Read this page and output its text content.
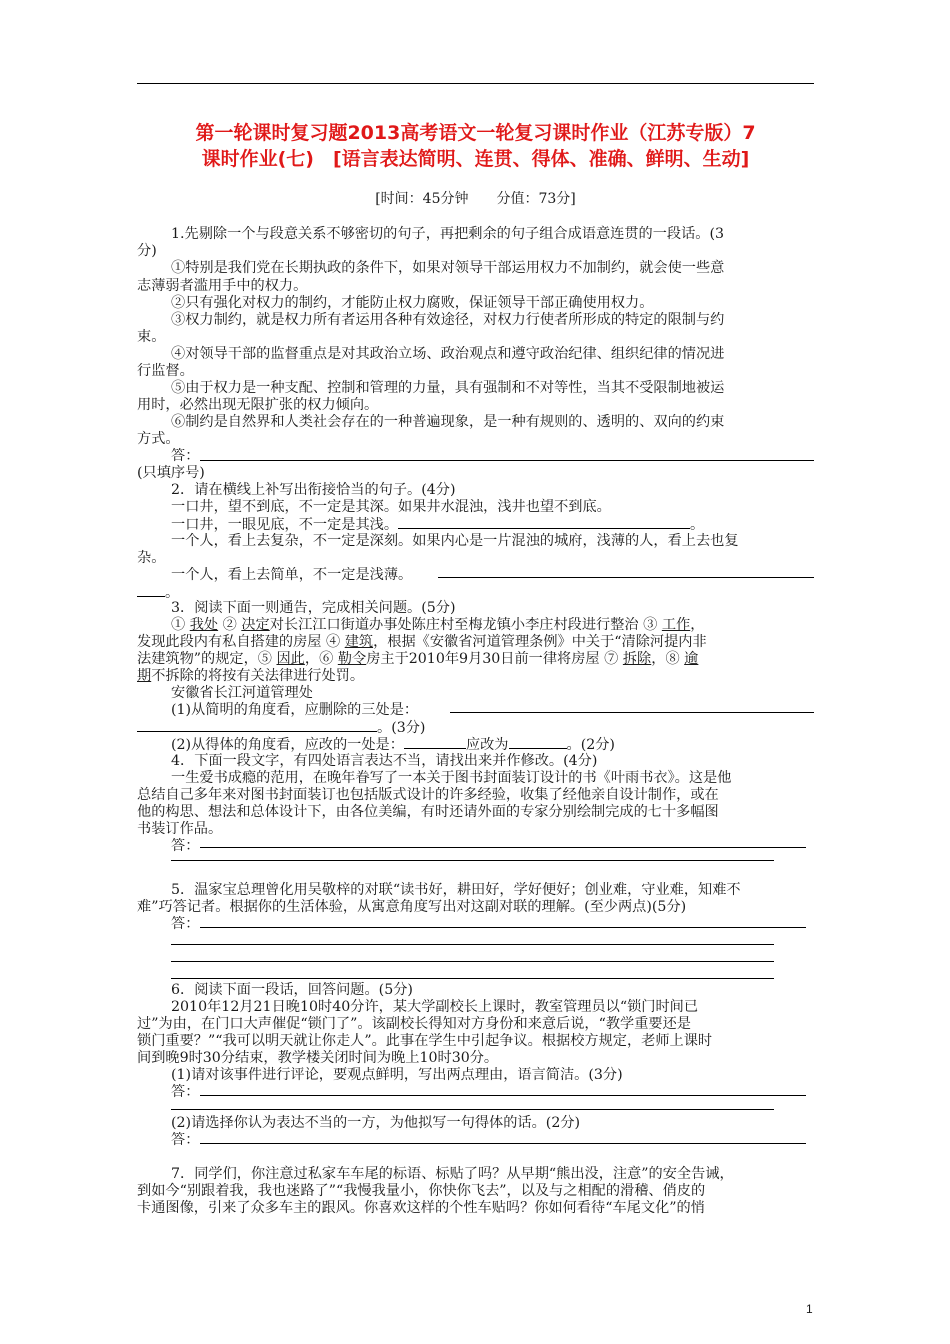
第一轮课时复习题2013高考语文一轮复习课时作业（江苏专版）7
课时作业(七)　[语言表达简明、连贯、得体、准确、鲜明、生动]
[时间：45分钟　　分值：73分]
1.先剔除一个与段意关系不够密切的句子，再把剩余的句子组合成语意连贯的一段话。(3
分)
①特别是我们党在长期执政的条件下，如果对领导干部运用权力不加制约，就会使一些意
志薄弱者滥用手中的权力。
②只有强化对权力的制约，才能防止权力腐败，保证领导干部正确使用权力。
③权力制约，就是权力所有者运用各种有效途径，对权力行使者所形成的特定的限制与约
束。
④对领导干部的监督重点是对其政治立场、政治观点和遵守政治纪律、组织纪律的情况进
行监督。
⑤由于权力是一种支配、控制和管理的力量，具有强制和不对等性，当其不受限制地被运
用时，必然出现无限扩张的权力倾向。
⑥制约是自然界和人类社会存在的一种普遍现象，是一种有规则的、透明的、双向的约束
方式。
答：
(只填序号)
2．请在横线上补写出衔接恰当的句子。(4分)
一口井，望不到底，不一定是其深。如果井水混浊，浅井也望不到底。
一口井，一眼见底，不一定是其浅。	。
一个人，看上去复杂，不一定是深刻。如果内心是一片混浊的城府，浅薄的人，看上去也复
杂。
一个人，看上去简单，不一定是浅薄。
。
3．阅读下面一则通告，完成相关问题。(5分)
① 我处 ② 决定对长江江口街道办事处陈庄村至梅龙镇小李庄村段进行整治 ③ 工作，
发现此段内有私自搭建的房屋 ④ 建筑，根据《安徽省河道管理条例》中关于“清除河提内非
法建筑物”的规定，⑤ 因此，⑥ 勒令房主于2010年9月30日前一律将房屋 ⑦ 拆除，⑧ 逾
期不拆除的将按有关法律进行处罚。
安徽省长江河道管理处
(1)从简明的角度看，应删除的三处是：
。(3分)
(2)从得体的角度看，应改的一处是：	应改为	。(2分)
4．下面一段文字，有四处语言表达不当，请找出来并作修改。(4分)
一生爱书成瘾的范用，在晚年眷写了一本关于图书封面装订设计的书《叶雨书衣》。这是他
总结自己多年来对图书封面装订也包括版式设计的许多经验，收集了经他亲自设计制作，或在
他的构思、想法和总体设计下，由各位美编，有时还请外面的专家分别绘制完成的七十多幅图
书装订作品。
答：
5．温家宝总理曾化用吴敬梓的对联“读书好，耕田好，学好便好；创业难，守业难，知难不
难”巧答记者。根据你的生活体验，从寓意角度写出对这副对联的理解。(至少两点)(5分)
答：
6．阅读下面一段话，回答问题。(5分)
2010年12月21日晚10时40分许，某大学副校长上课时，教室管理员以“锁门时间已
过”为由，在门口大声催促“锁门了”。该副校长得知对方身份和来意后说，“教学重要还是
锁门重要？”“我可以明天就让你走人”。此事在学生中引起争议。根据校方规定，老师上课时
间到晚9时30分结束，教学楼关闭时间为晚上10时30分。
(1)请对该事件进行评论，要观点鲜明，写出两点理由，语言简洁。(3分)
答：
(2)请选择你认为表达不当的一方，为他拟写一句得体的话。(2分)
答：
7．同学们，你注意过私家车车尾的标语、标贴了吗？从早期“熊出没，注意”的安全告诫，
到如今“别跟着我，我也迷路了”“我慢我量小，你快你飞去”，以及与之相配的滑稽、俏皮的
卡通图像，引来了众多车主的跟风。你喜欢这样的个性车贴吗？你如何看待“车尾文化”的悄
1
